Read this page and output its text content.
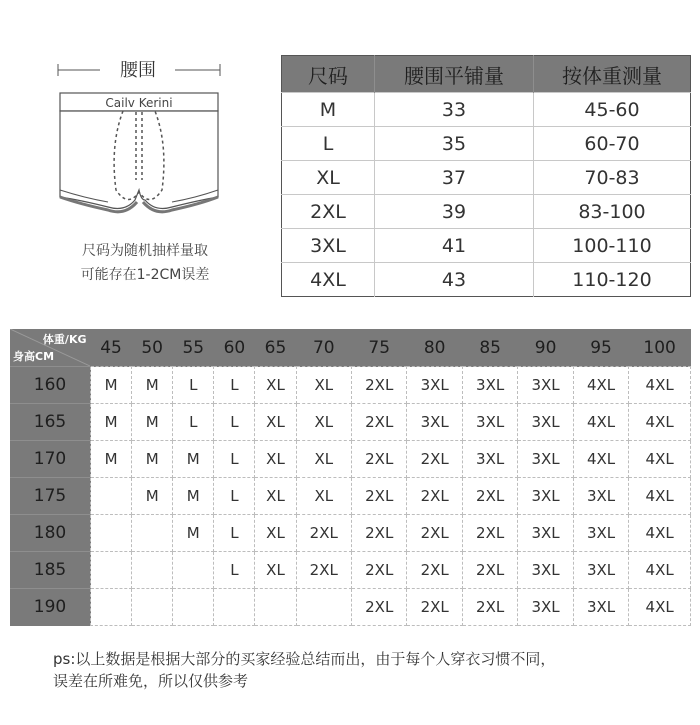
腰围
Cailv Kerini
尺码为随机抽样量取
可能存在1-2CM误差
尺码	腰围平铺量	按体重测量
M	33	45-60
L	35	60-70
XL	37	70-83
2XL	39	83-100
3XL	41	100-110
4XL	43	110-120
体重/KG
身高CM	45	50	55	60	65	70	75	80	85	90	95	100
160	M	M	L	L	XL	XL	2XL	3XL	3XL	3XL	4XL	4XL
165	M	M	L	L	XL	XL	2XL	3XL	3XL	3XL	4XL	4XL
170	M	M	M	L	XL	XL	2XL	2XL	3XL	3XL	4XL	4XL
175		M	M	L	XL	XL	2XL	2XL	2XL	3XL	3XL	4XL
180			M	L	XL	2XL	2XL	2XL	2XL	3XL	3XL	4XL
185				L	XL	2XL	2XL	2XL	2XL	3XL	3XL	4XL
190							2XL	2XL	2XL	3XL	3XL	4XL
ps:以上数据是根据大部分的买家经验总结而出，由于每个人穿衣习惯不同，
误差在所难免，所以仅供参考
